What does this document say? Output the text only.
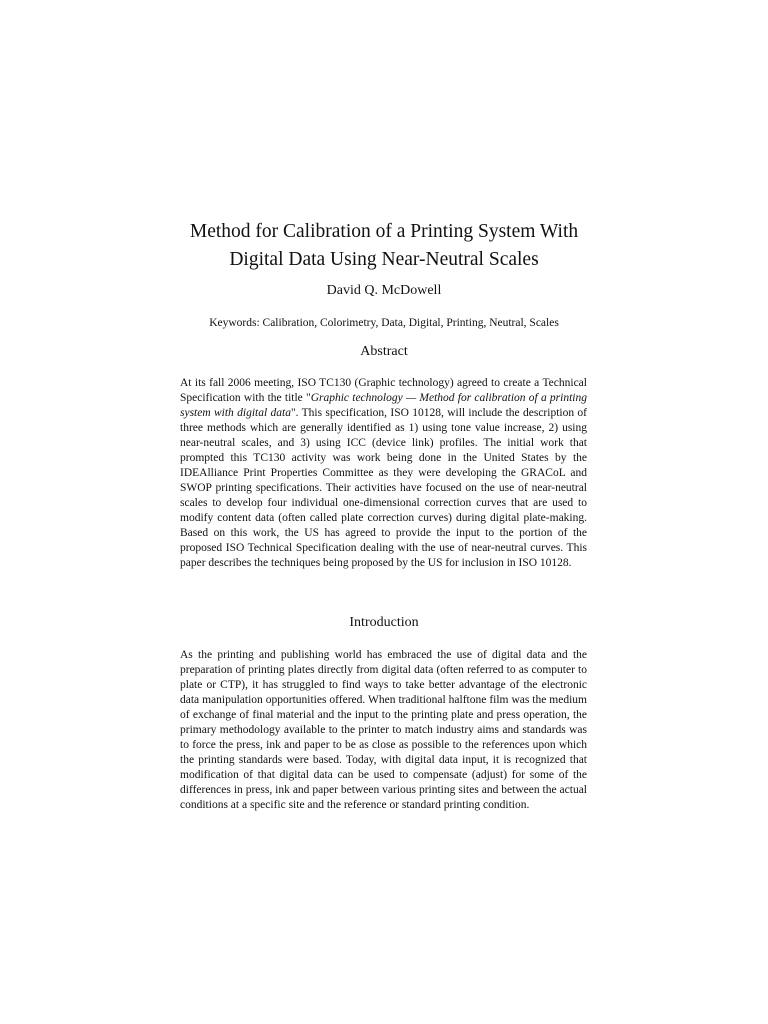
Method for Calibration of a Printing System With
Digital Data Using Near-Neutral Scales

David Q. McDowell

Keywords: Calibration, Colorimetry, Data, Digital, Printing, Neutral, Scales

Abstract

At its fall 2006 meeting, ISO TC130 (Graphic technology) agreed to create a Technical Specification with the title "Graphic technology — Method for calibration of a printing system with digital data". This specification, ISO 10128, will include the description of three methods which are generally identified as 1) using tone value increase, 2) using near-neutral scales, and 3) using ICC (device link) profiles. The initial work that prompted this TC130 activity was work being done in the United States by the IDEAlliance Print Properties Committee as they were developing the GRACoL and SWOP printing specifications. Their activities have focused on the use of near-neutral scales to develop four individual one-dimensional correction curves that are used to modify content data (often called plate correction curves) during digital plate-making. Based on this work, the US has agreed to provide the input to the portion of the proposed ISO Technical Specification dealing with the use of near-neutral curves. This paper describes the techniques being proposed by the US for inclusion in ISO 10128.

Introduction

As the printing and publishing world has embraced the use of digital data and the preparation of printing plates directly from digital data (often referred to as computer to plate or CTP), it has struggled to find ways to take better advantage of the electronic data manipulation opportunities offered. When traditional halftone film was the medium of exchange of final material and the input to the printing plate and press operation, the primary methodology available to the printer to match industry aims and standards was to force the press, ink and paper to be as close as possible to the references upon which the printing standards were based. Today, with digital data input, it is recognized that modification of that digital data can be used to compensate (adjust) for some of the differences in press, ink and paper between various printing sites and between the actual conditions at a specific site and the reference or standard printing condition.
